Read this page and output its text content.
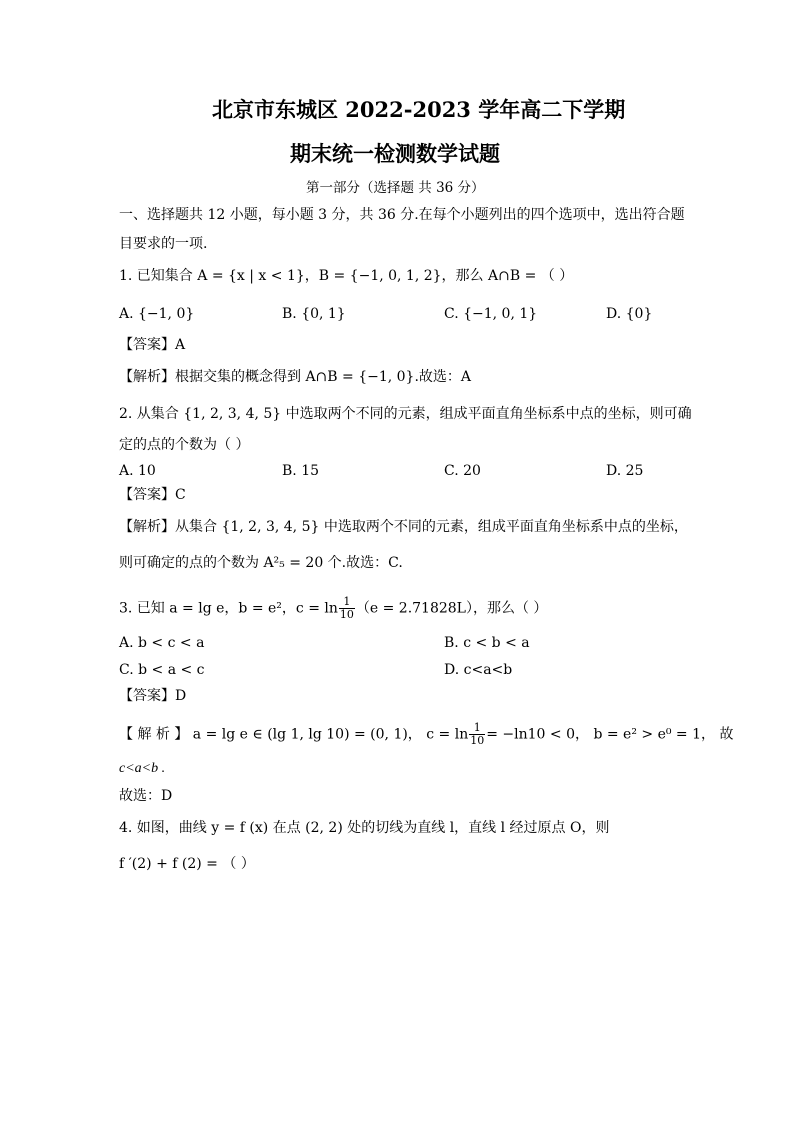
北京市东城区 2022-2023 学年高二下学期
期末统一检测数学试题
第一部分（选择题 共 36 分）
一、选择题共 12 小题，每小题 3 分，共 36 分.在每个小题列出的四个选项中，选出符合题
目要求的一项.
1. 已知集合 A = {x | x < 1}，B = {−1, 0, 1, 2}，那么 A∩B = （ ）
A. {−1, 0}	B. {0, 1}	C. {−1, 0, 1}	D. {0}
【答案】A
【解析】根据交集的概念得到 A∩B = {−1, 0}.故选：A
2. 从集合 {1, 2, 3, 4, 5} 中选取两个不同的元素，组成平面直角坐标系中点的坐标，则可确
定的点的个数为（ ）
A. 10	B. 15	C. 20	D. 25
【答案】C
【解析】从集合 {1, 2, 3, 4, 5} 中选取两个不同的元素，组成平面直角坐标系中点的坐标，
则可确定的点的个数为 A²₅ = 20 个.故选：C.
3. 已知 a = lg e，b = e²，$c = \ln \frac{1}{10} (e = 2.71828L)$，那么（ ）
A. b < c < a	B. c < b < a
C. b < a < c	D. c<a<b
【答案】D
【 解 析 】 a = lg e ∈ (lg 1, lg 10) = (0, 1)， $c = \ln \frac{1}{10} = -\ln 10 < 0$， b = e² > e⁰ = 1， 故
c<a<b .
故选：D
4. 如图，曲线 y = f (x) 在点 (2, 2) 处的切线为直线 l，直线 l 经过原点 O，则
f ′(2) + f (2) = （ ）
